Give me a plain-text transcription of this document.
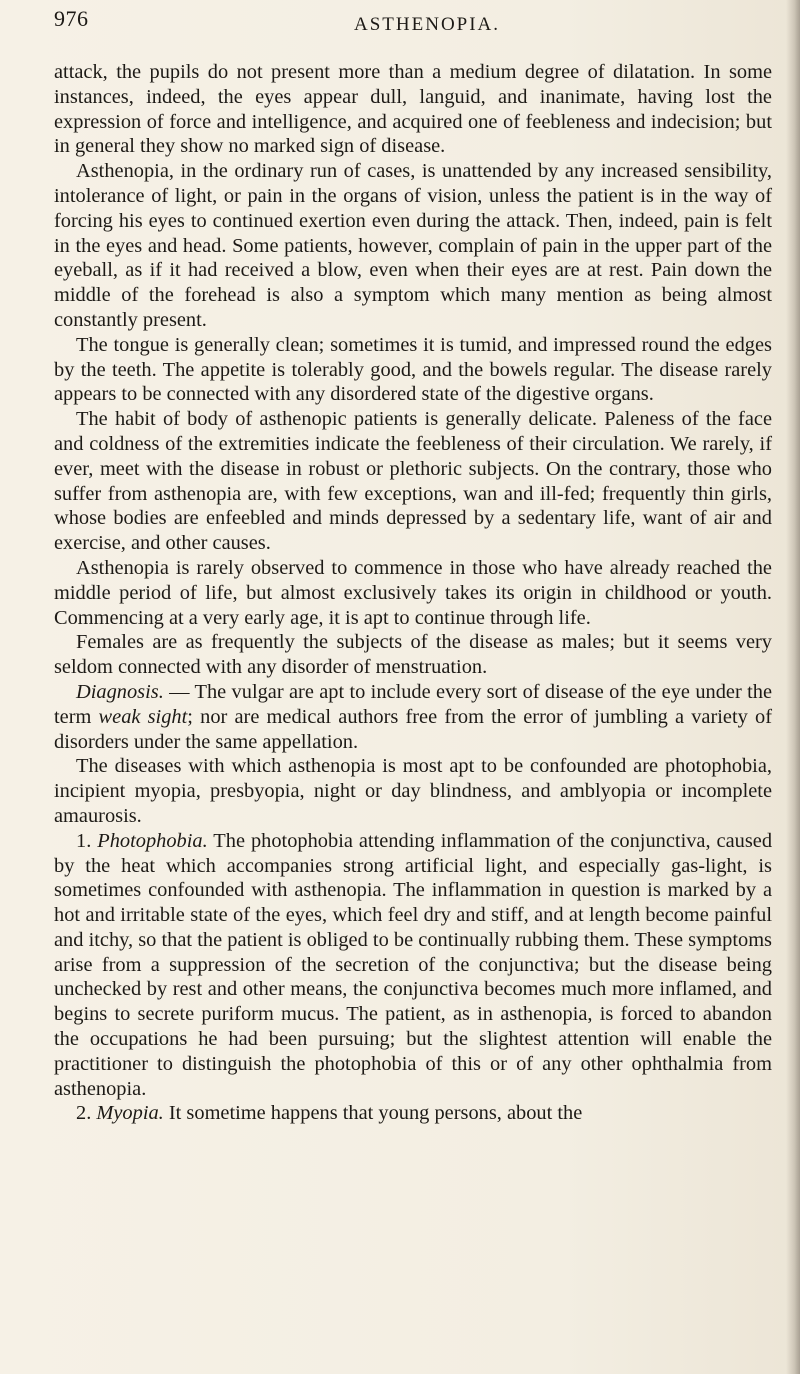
976	ASTHENOPIA.

attack, the pupils do not present more than a medium degree of dilatation. In some instances, indeed, the eyes appear dull, languid, and inanimate, having lost the expression of force and intelligence, and acquired one of feebleness and indecision; but in general they show no marked sign of disease.

Asthenopia, in the ordinary run of cases, is unattended by any increased sensibility, intolerance of light, or pain in the organs of vision, unless the patient is in the way of forcing his eyes to continued exertion even during the attack. Then, indeed, pain is felt in the eyes and head. Some patients, however, complain of pain in the upper part of the eyeball, as if it had received a blow, even when their eyes are at rest. Pain down the middle of the forehead is also a symptom which many mention as being almost constantly present.

The tongue is generally clean; sometimes it is tumid, and impressed round the edges by the teeth. The appetite is tolerably good, and the bowels regular. The disease rarely appears to be connected with any disordered state of the digestive organs.

The habit of body of asthenopic patients is generally delicate. Paleness of the face and coldness of the extremities indicate the feebleness of their circulation. We rarely, if ever, meet with the disease in robust or plethoric subjects. On the contrary, those who suffer from asthenopia are, with few exceptions, wan and ill-fed; frequently thin girls, whose bodies are enfeebled and minds depressed by a sedentary life, want of air and exercise, and other causes.

Asthenopia is rarely observed to commence in those who have already reached the middle period of life, but almost exclusively takes its origin in childhood or youth. Commencing at a very early age, it is apt to continue through life.

Females are as frequently the subjects of the disease as males; but it seems very seldom connected with any disorder of menstruation.

Diagnosis. — The vulgar are apt to include every sort of disease of the eye under the term weak sight; nor are medical authors free from the error of jumbling a variety of disorders under the same appellation.

The diseases with which asthenopia is most apt to be confounded are photophobia, incipient myopia, presbyopia, night or day blindness, and amblyopia or incomplete amaurosis.

1. Photophobia. The photophobia attending inflammation of the conjunctiva, caused by the heat which accompanies strong artificial light, and especially gas-light, is sometimes confounded with asthenopia. The inflammation in question is marked by a hot and irritable state of the eyes, which feel dry and stiff, and at length become painful and itchy, so that the patient is obliged to be continually rubbing them. These symptoms arise from a suppression of the secretion of the conjunctiva; but the disease being unchecked by rest and other means, the conjunctiva becomes much more inflamed, and begins to secrete puriform mucus. The patient, as in asthenopia, is forced to abandon the occupations he had been pursuing; but the slightest attention will enable the practitioner to distinguish the photophobia of this or of any other ophthalmia from asthenopia.

2. Myopia. It sometime happens that young persons, about the
